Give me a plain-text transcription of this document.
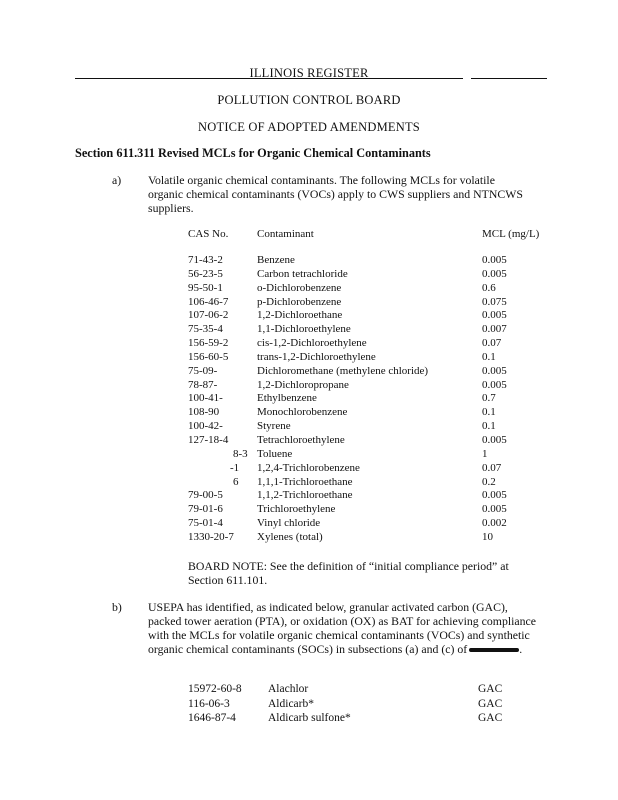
ILLINOIS REGISTER
POLLUTION CONTROL BOARD
NOTICE OF ADOPTED AMENDMENTS
Section 611.311 Revised MCLs for Organic Chemical Contaminants
a) Volatile organic chemical contaminants. The following MCLs for volatile organic chemical contaminants (VOCs) apply to CWS suppliers and NTNCWS suppliers.
CAS No.	Contaminant	MCL (mg/L)
71-43-2	Benzene	0.005
56-23-5	Carbon tetrachloride	0.005
95-50-1	o-Dichlorobenzene	0.6
106-46-7	p-Dichlorobenzene	0.075
107-06-2	1,2-Dichloroethane	0.005
75-35-4	1,1-Dichloroethylene	0.007
156-59-2	cis-1,2-Dichloroethylene	0.07
156-60-5	trans-1,2-Dichloroethylene	0.1
75-09-	Dichloromethane (methylene chloride)	0.005
78-87-	1,2-Dichloropropane	0.005
100-41-	Ethylbenzene	0.7
108-90	Monochlorobenzene	0.1
100-42-	Styrene	0.1
127-18-4	Tetrachloroethylene	0.005
8-3 Toluene	1
-1 1,2,4-Trichlorobenzene	0.07
6 1,1,1-Trichloroethane	0.2
79-00-5	1,1,2-Trichloroethane	0.005
79-01-6	Trichloroethylene	0.005
75-01-4	Vinyl chloride	0.002
1330-20-7 Xylenes (total)	10
BOARD NOTE: See the definition of “initial compliance period” at Section 611.101.
b) USEPA has identified, as indicated below, granular activated carbon (GAC), packed tower aeration (PTA), or oxidation (OX) as BAT for achieving compliance with the MCLs for volatile organic chemical contaminants (VOCs) and synthetic organic chemical contaminants (SOCs) in subsections (a) and (c) of	.
15972-60-8 Alachlor	GAC
116-06-3	Aldicarb*	GAC
1646-87-4	Aldicarb sulfone*	GAC
